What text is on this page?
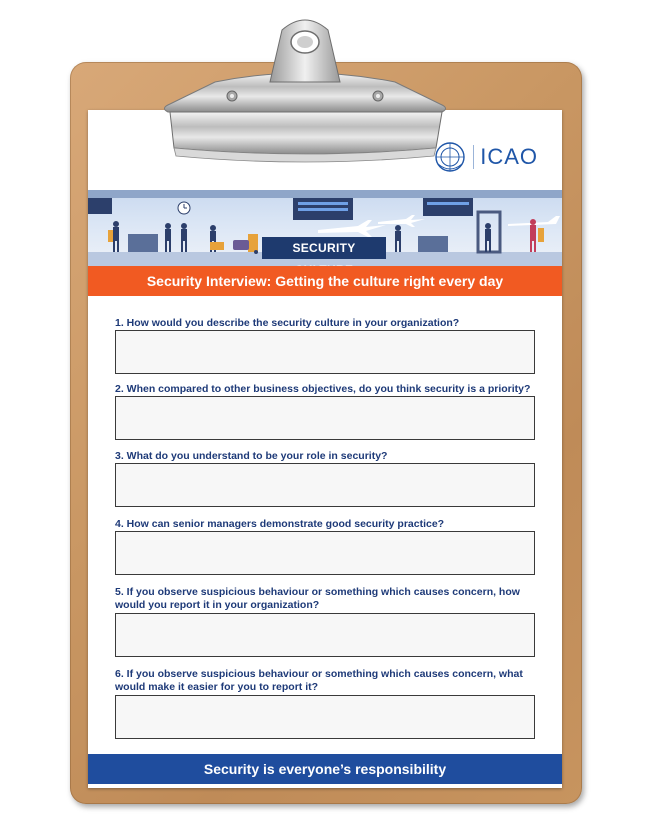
ICAO
SECURITY
Security Interview: Getting the culture right every day
1. How would you describe the security culture in your organization?
2. When compared to other business objectives, do you think security is a priority?
3. What do you understand to be your role in security?
4. How can senior managers demonstrate good security practice?
5. If you observe suspicious behaviour or something which causes concern, how would you report it in your organization?
6. If you observe suspicious behaviour or something which causes concern, what would make it easier for you to report it?
Security is everyone’s responsibility
